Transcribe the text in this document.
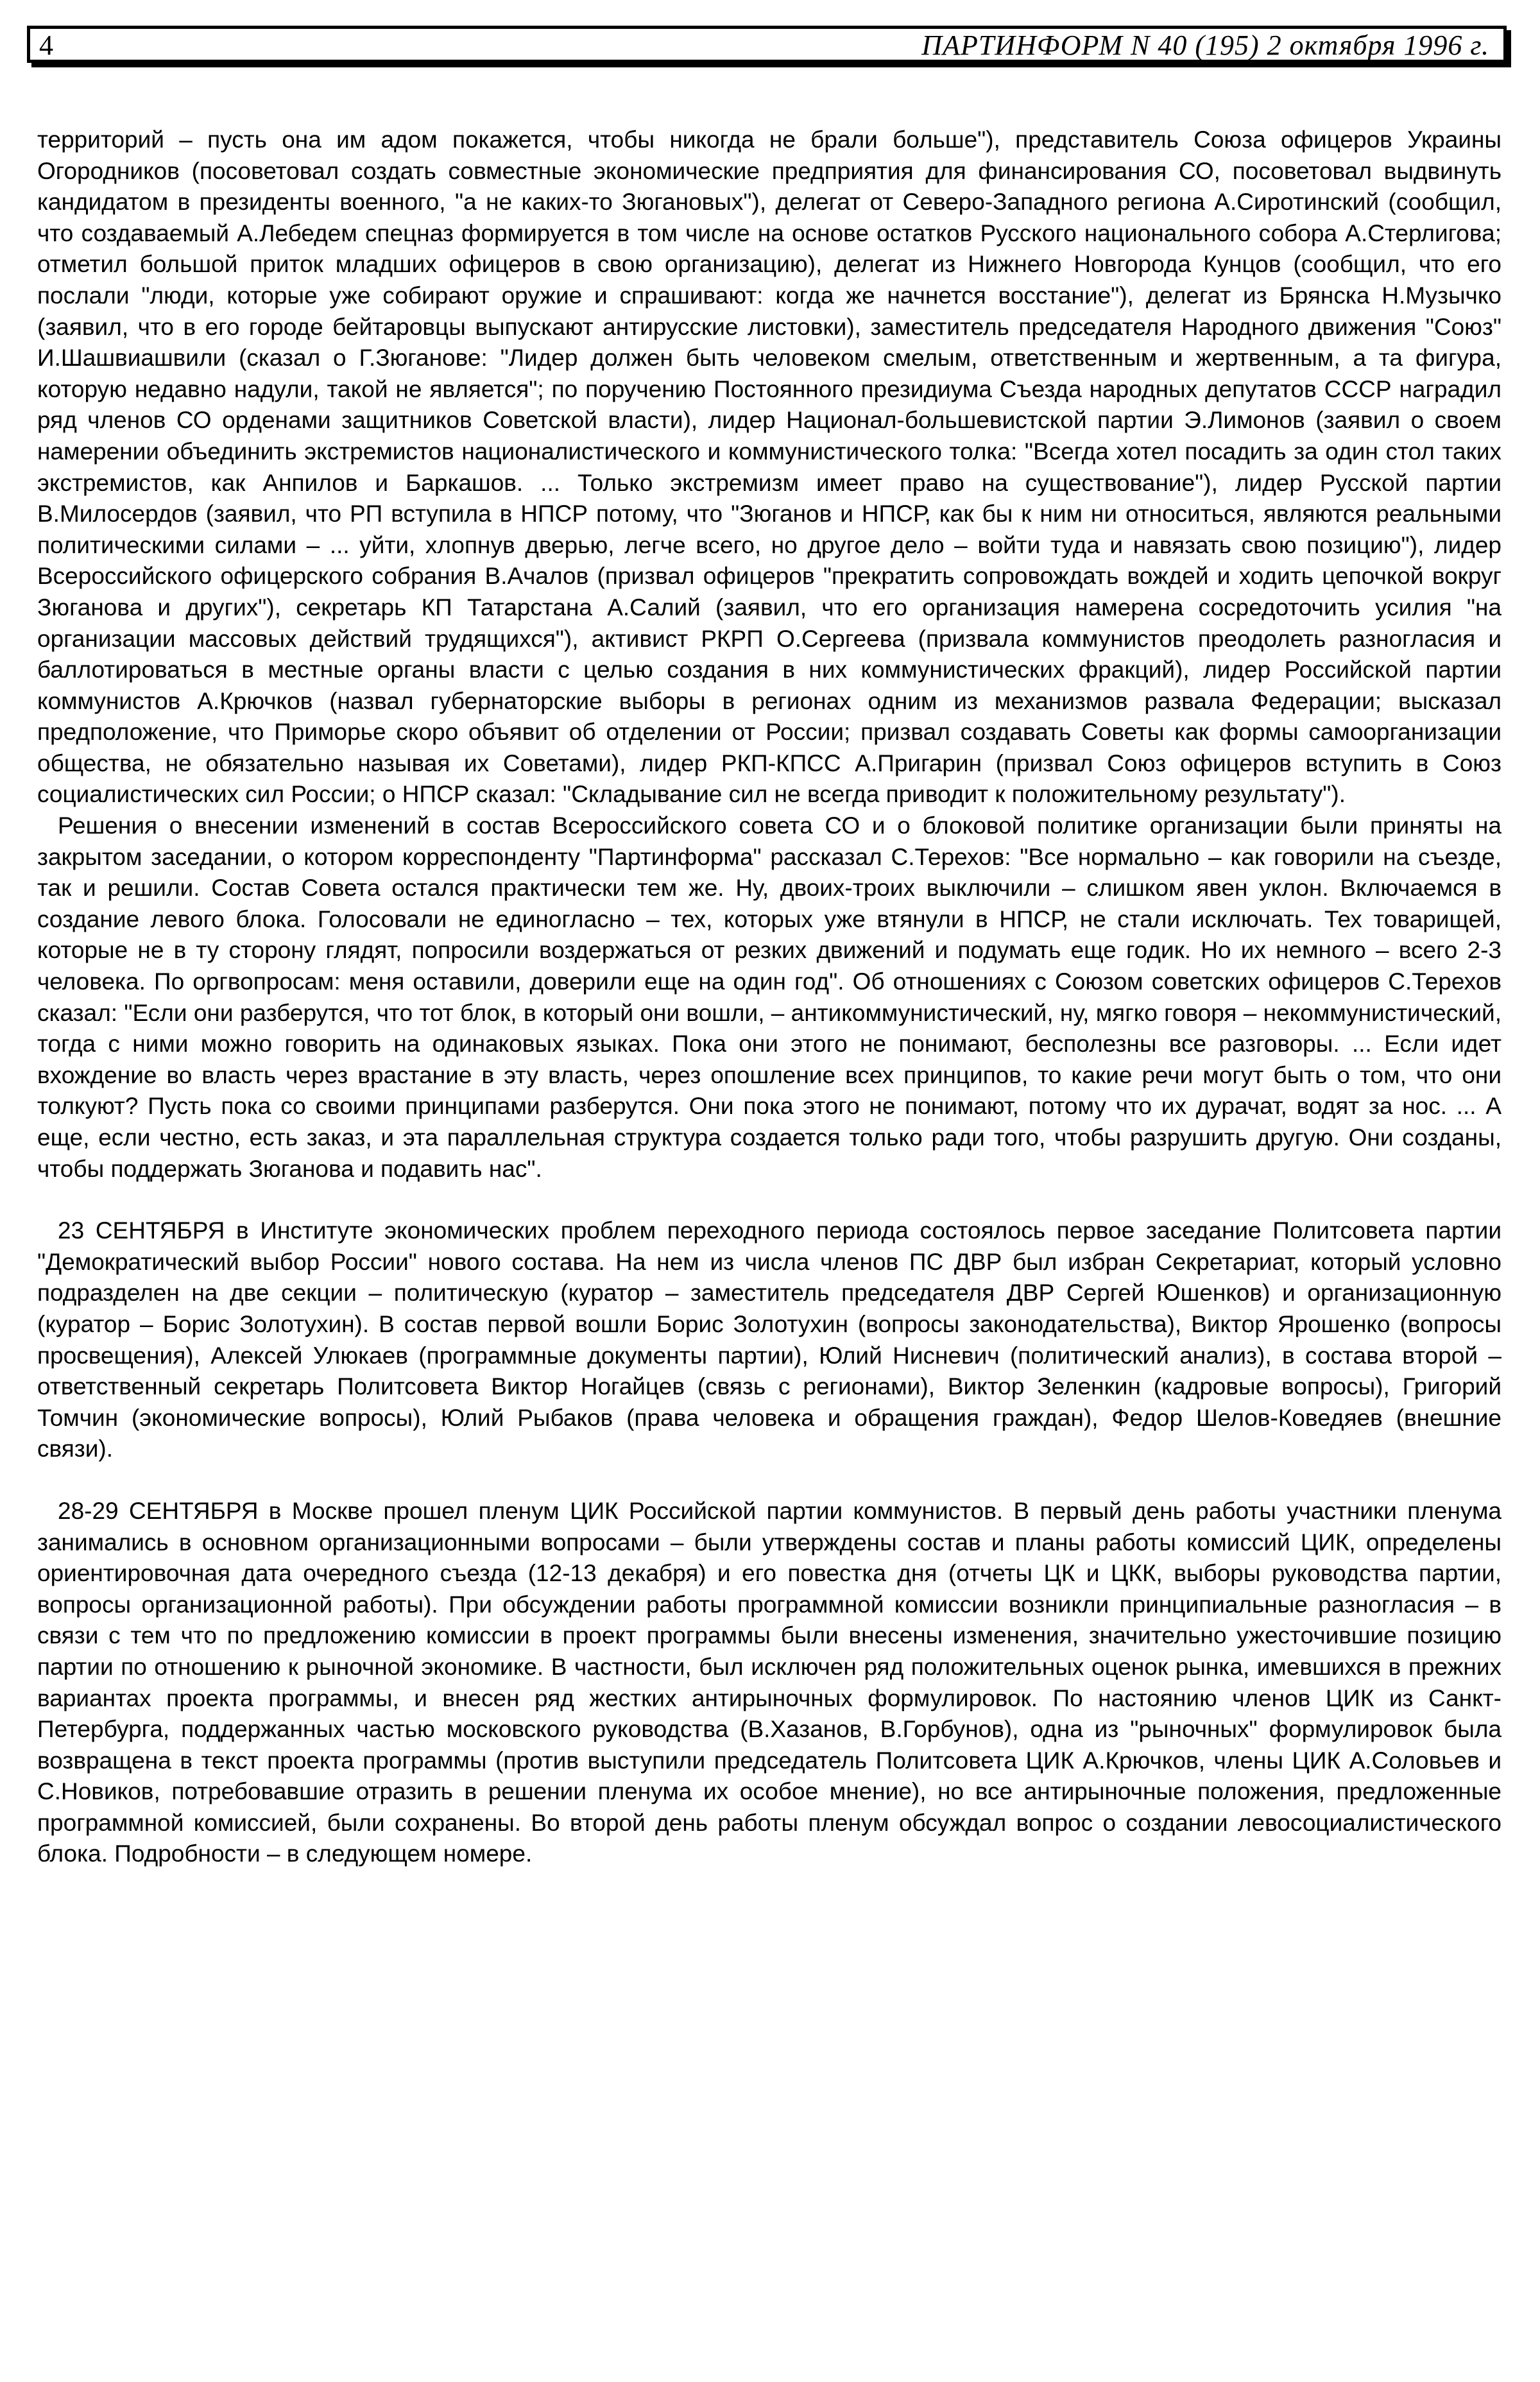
4	ПАРТИНФОРМ N 40 (195) 2 октября 1996 г.

территорий – пусть она им адом покажется, чтобы никогда не брали больше"), представитель Союза офицеров Украины Огородников (посоветовал создать совместные экономические предприятия для финансирования СО, посоветовал выдвинуть кандидатом в президенты военного, "а не каких-то Зюгановых"), делегат от Северо-Западного региона А.Сиротинский (сообщил, что создаваемый А.Лебедем спецназ формируется в том числе на основе остатков Русского национального собора А.Стерлигова; отметил большой приток младших офицеров в свою организацию), делегат из Нижнего Новгорода Кунцов (сообщил, что его послали "люди, которые уже собирают оружие и спрашивают: когда же начнется восстание"), делегат из Брянска Н.Музычко (заявил, что в его городе бейтаровцы выпускают антирусские листовки), заместитель председателя Народного движения "Союз" И.Шашвиашвили (сказал о Г.Зюганове: "Лидер должен быть человеком смелым, ответственным и жертвенным, а та фигура, которую недавно надули, такой не является"; по поручению Постоянного президиума Съезда народных депутатов СССР наградил ряд членов СО орденами защитников Советской власти), лидер Национал-большевистской партии Э.Лимонов (заявил о своем намерении объединить экстремистов националистического и коммунистического толка: "Всегда хотел посадить за один стол таких экстремистов, как Анпилов и Баркашов. ... Только экстремизм имеет право на существование"), лидер Русской партии В.Милосердов (заявил, что РП вступила в НПСР потому, что "Зюганов и НПСР, как бы к ним ни относиться, являются реальными политическими силами – ... уйти, хлопнув дверью, легче всего, но другое дело – войти туда и навязать свою позицию"), лидер Всероссийского офицерского собрания В.Ачалов (призвал офицеров "прекратить сопровождать вождей и ходить цепочкой вокруг Зюганова и других"), секретарь КП Татарстана А.Салий (заявил, что его организация намерена сосредоточить усилия "на организации массовых действий трудящихся"), активист РКРП О.Сергеева (призвала коммунистов преодолеть разногласия и баллотироваться в местные органы власти с целью создания в них коммунистических фракций), лидер Российской партии коммунистов А.Крючков (назвал губернаторские выборы в регионах одним из механизмов развала Федерации; высказал предположение, что Приморье скоро объявит об отделении от России; призвал создавать Советы как формы самоорганизации общества, не обязательно называя их Советами), лидер РКП-КПСС А.Пригарин (призвал Союз офицеров вступить в Союз социалистических сил России; о НПСР сказал: "Складывание сил не всегда приводит к положительному результату").

Решения о внесении изменений в состав Всероссийского совета СО и о блоковой политике организации были приняты на закрытом заседании, о котором корреспонденту "Партинформа" рассказал С.Терехов: "Все нормально – как говорили на съезде, так и решили. Состав Совета остался практически тем же. Ну, двоих-троих выключили – слишком явен уклон. Включаемся в создание левого блока. Голосовали не единогласно – тех, которых уже втянули в НПСР, не стали исключать. Тех товарищей, которые не в ту сторону глядят, попросили воздержаться от резких движений и подумать еще годик. Но их немного – всего 2-3 человека. По оргвопросам: меня оставили, доверили еще на один год". Об отношениях с Союзом советских офицеров С.Терехов сказал: "Если они разберутся, что тот блок, в который они вошли, – антикоммунистический, ну, мягко говоря – некоммунистический, тогда с ними можно говорить на одинаковых языках. Пока они этого не понимают, бесполезны все разговоры. ... Если идет вхождение во власть через врастание в эту власть, через опошление всех принципов, то какие речи могут быть о том, что они толкуют? Пусть пока со своими принципами разберутся. Они пока этого не понимают, потому что их дурачат, водят за нос. ... А еще, если честно, есть заказ, и эта параллельная структура создается только ради того, чтобы разрушить другую. Они созданы, чтобы поддержать Зюганова и подавить нас".

23 СЕНТЯБРЯ в Институте экономических проблем переходного периода состоялось первое заседание Политсовета партии "Демократический выбор России" нового состава. На нем из числа членов ПС ДВР был избран Секретариат, который условно подразделен на две секции – политическую (куратор – заместитель председателя ДВР Сергей Юшенков) и организационную (куратор – Борис Золотухин). В состав первой вошли Борис Золотухин (вопросы законодательства), Виктор Ярошенко (вопросы просвещения), Алексей Улюкаев (программные документы партии), Юлий Нисневич (политический анализ), в состава второй – ответственный секретарь Политсовета Виктор Ногайцев (связь с регионами), Виктор Зеленкин (кадровые вопросы), Григорий Томчин (экономические вопросы), Юлий Рыбаков (права человека и обращения граждан), Федор Шелов-Коведяев (внешние связи).

28-29 СЕНТЯБРЯ в Москве прошел пленум ЦИК Российской партии коммунистов. В первый день работы участники пленума занимались в основном организационными вопросами – были утверждены состав и планы работы комиссий ЦИК, определены ориентировочная дата очередного съезда (12-13 декабря) и его повестка дня (отчеты ЦК и ЦКК, выборы руководства партии, вопросы организационной работы). При обсуждении работы программной комиссии возникли принципиальные разногласия – в связи с тем что по предложению комиссии в проект программы были внесены изменения, значительно ужесточившие позицию партии по отношению к рыночной экономике. В частности, был исключен ряд положительных оценок рынка, имевшихся в прежних вариантах проекта программы, и внесен ряд жестких антирыночных формулировок. По настоянию членов ЦИК из Санкт-Петербурга, поддержанных частью московского руководства (В.Хазанов, В.Горбунов), одна из "рыночных" формулировок была возвращена в текст проекта программы (против выступили председатель Политсовета ЦИК А.Крючков, члены ЦИК А.Соловьев и С.Новиков, потребовавшие отразить в решении пленума их особое мнение), но все антирыночные положения, предложенные программной комиссией, были сохранены. Во второй день работы пленум обсуждал вопрос о создании левосоциалистического блока. Подробности – в следующем номере.
